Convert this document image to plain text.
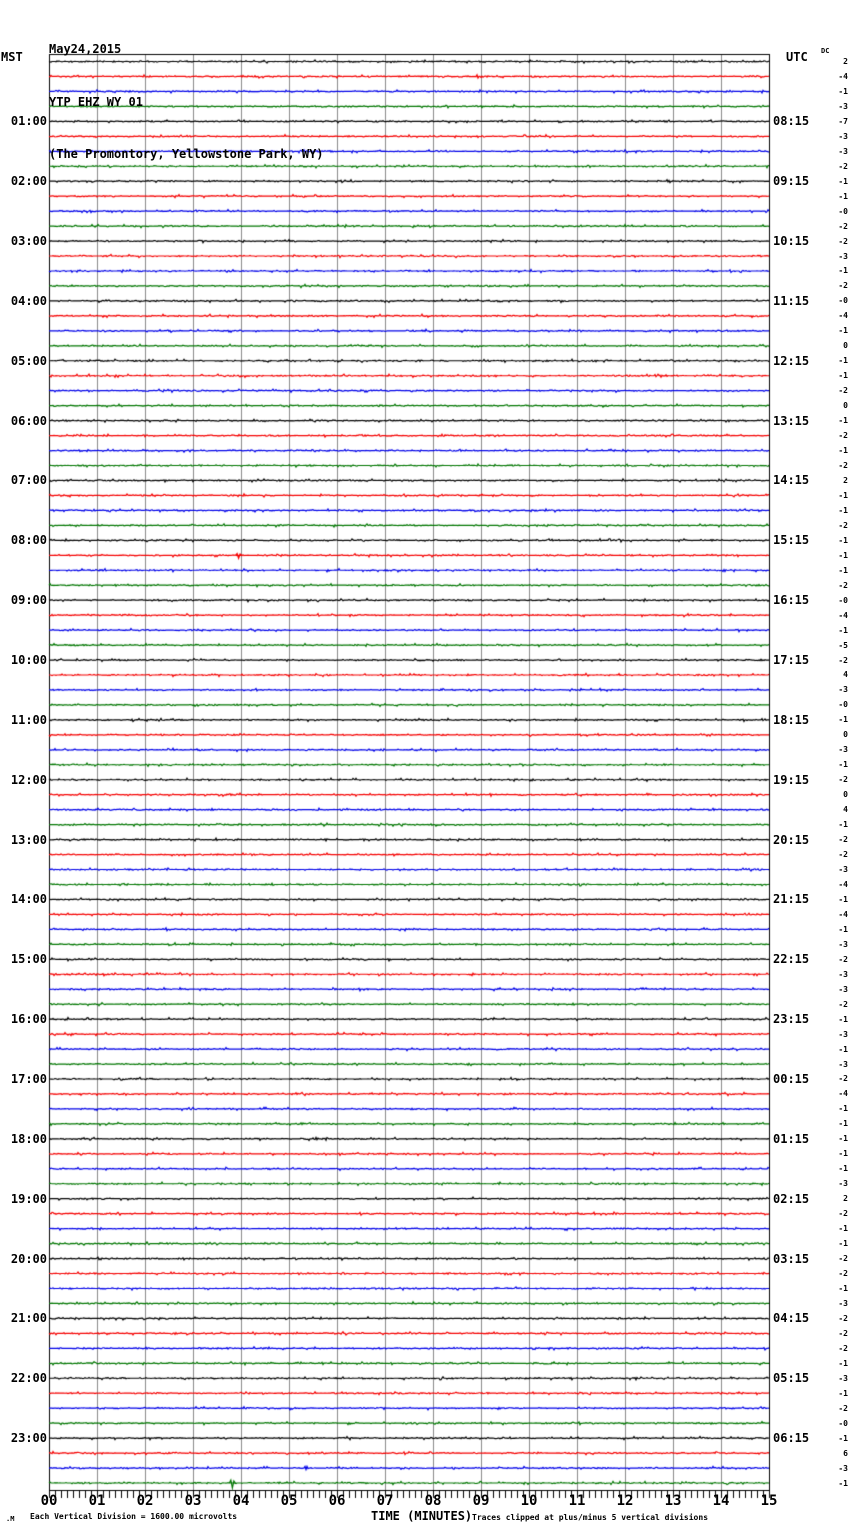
May24,2015

YTP EHZ WY 01

(The Promontory, Yellowstone Park, WY)

MST	UTC DC
01:00
02:00
03:00
04:00
05:00
06:00
07:00
08:00
09:00
10:00
11:00
12:00
13:00
14:00
15:00
16:00
17:00
18:00
19:00
20:00
21:00
22:00
23:00
08:15
09:15
10:15
11:15
12:15
13:15
14:15
15:15
16:15
17:15
18:15
19:15
20:15
21:15
22:15
23:15
00:15
01:15
02:15
03:15
04:15
05:15
06:15
2
-4
-1
-3
-7
-3
-3
-2
-1
-1
-0
-2
-2
-3
-1
-2
-0
-4
-1
0
-1
-1
-2
0
-1
-2
-1
-2
2
-1
-1
-2
-1
-1
-1
-2
-0
-4
-1
-5
-2
4
-3
-0
-1
0
-3
-1
-2
0
4
-1
-2
-2
-3
-4
-1
-4
-1
-3
-2
-3
-3
-2
-1
-3
-1
-3
-2
-4
-1
-1
-1
-1
-1
-3
2
-2
-1
-1
-2
-2
-1
-3
-2
-2
-2
-1
-3
-1
-2
-0
-1
6
-3
-1
00	01	02	03	04	05	06	07	08	09	10	11	12	13	14	15
.M Each Vertical Division = 1600.00 microvolts	TIME (MINUTES) Traces clipped at plus/minus 5 vertical divisions
